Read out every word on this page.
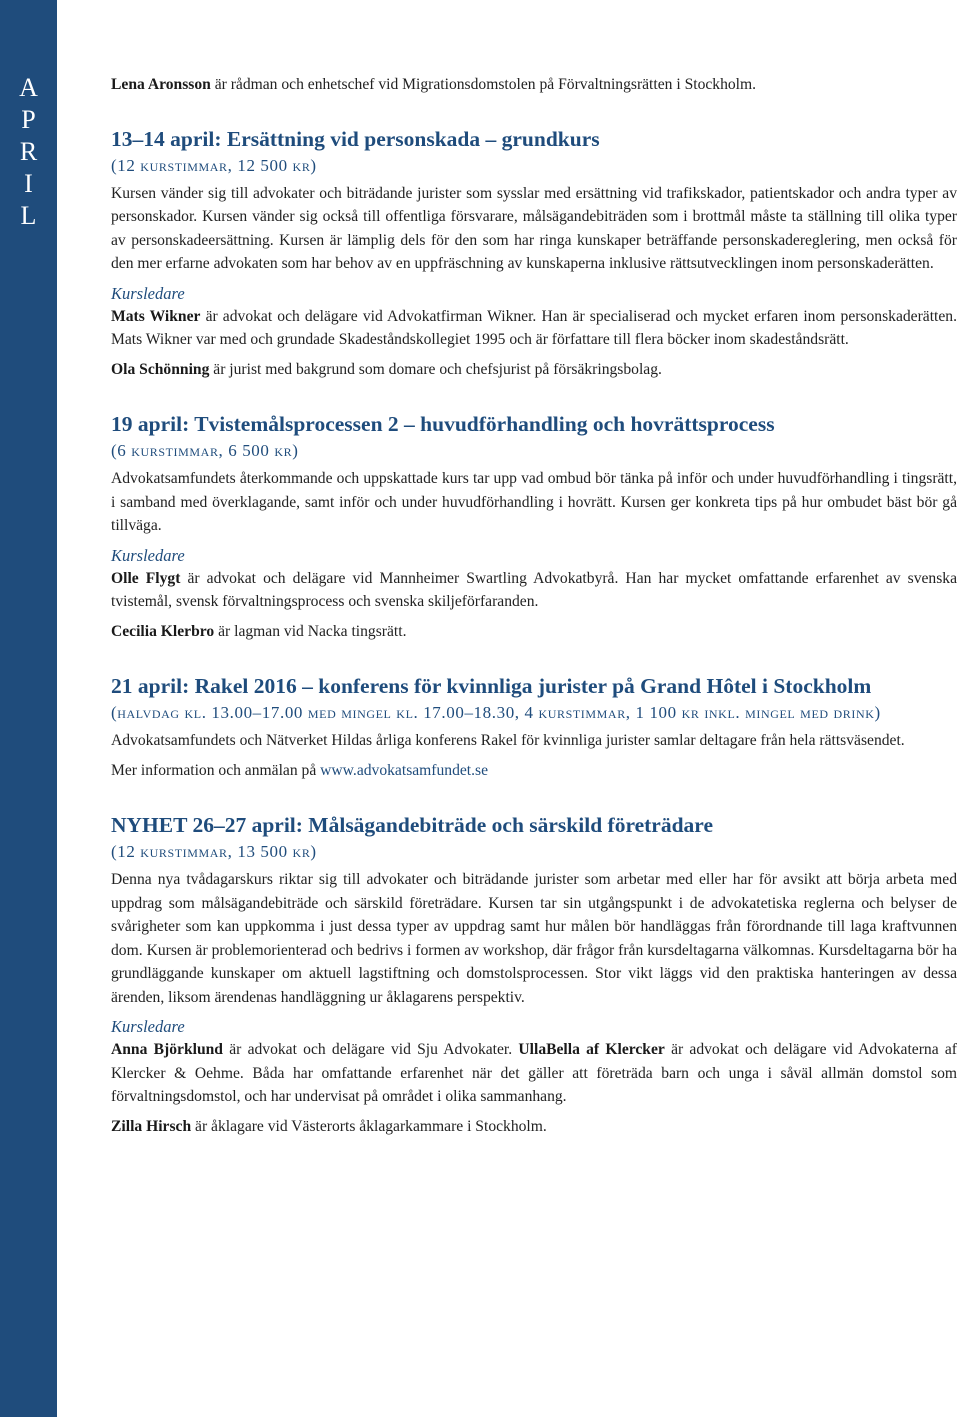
A
P
R
I
L

Lena Aronsson är rådman och enhetschef vid Migrationsdomstolen på Förvaltningsrätten i Stockholm.

13–14 april: Ersättning vid personskada – grundkurs
(12 kurstimmar, 12 500 kr)

Kursen vänder sig till advokater och biträdande jurister som sysslar med ersättning vid trafikskador, patientskador och andra typer av personskador. Kursen vänder sig också till offentliga försvarare, målsägandebiträden som i brottmål måste ta ställning till olika typer av personskadeersättning. Kursen är lämplig dels för den som har ringa kunskaper beträffande personskadereglering, men också för den mer erfarne advokaten som har behov av en uppfräschning av kunskaperna inklusive rättsutvecklingen inom personskaderätten.

Kursledare

Mats Wikner är advokat och delägare vid Advokatfirman Wikner. Han är specialiserad och mycket erfaren inom personskaderätten. Mats Wikner var med och grundade Skadeståndskollegiet 1995 och är författare till flera böcker inom skadeståndsrätt.

Ola Schönning är jurist med bakgrund som domare och chefsjurist på försäkringsbolag.

19 april: Tvistemålsprocessen 2 – huvudförhandling och hovrättsprocess
(6 kurstimmar, 6 500 kr)

Advokatsamfundets återkommande och uppskattade kurs tar upp vad ombud bör tänka på inför och under huvudförhandling i tingsrätt, i samband med överklagande, samt inför och under huvudförhandling i hovrätt. Kursen ger konkreta tips på hur ombudet bäst bör gå tillväga.

Kursledare

Olle Flygt är advokat och delägare vid Mannheimer Swartling Advokatbyrå. Han har mycket omfattande erfarenhet av svenska tvistemål, svensk förvaltningsprocess och svenska skiljeförfaranden.

Cecilia Klerbro är lagman vid Nacka tingsrätt.

21 april: Rakel 2016 – konferens för kvinnliga jurister på Grand Hôtel i Stockholm
(halvdag kl. 13.00–17.00 med mingel kl. 17.00–18.30, 4 kurstimmar, 1 100 kr inkl. mingel med drink)

Advokatsamfundets och Nätverket Hildas årliga konferens Rakel för kvinnliga jurister samlar deltagare från hela rättsväsendet.

Mer information och anmälan på www.advokatsamfundet.se

NYHET 26–27 april: Målsägandebiträde och särskild företrädare
(12 kurstimmar, 13 500 kr)

Denna nya tvådagarskurs riktar sig till advokater och biträdande jurister som arbetar med eller har för avsikt att börja arbeta med uppdrag som målsägandebiträde och särskild företrädare. Kursen tar sin utgångspunkt i de advokatetiska reglerna och belyser de svårigheter som kan uppkomma i just dessa typer av uppdrag samt hur målen bör handläggas från förordnande till laga kraftvunnen dom. Kursen är problemorienterad och bedrivs i formen av workshop, där frågor från kursdeltagarna välkomnas. Kursdeltagarna bör ha grundläggande kunskaper om aktuell lagstiftning och domstolsprocessen. Stor vikt läggs vid den praktiska hanteringen av dessa ärenden, liksom ärendenas handläggning ur åklagarens perspektiv.

Kursledare

Anna Björklund är advokat och delägare vid Sju Advokater. UllaBella af Klercker är advokat och delägare vid Advokaterna af Klercker & Oehme. Båda har omfattande erfarenhet när det gäller att företräda barn och unga i såväl allmän domstol som förvaltningsdomstol, och har undervisat på området i olika sammanhang.

Zilla Hirsch är åklagare vid Västerorts åklagarkammare i Stockholm.
